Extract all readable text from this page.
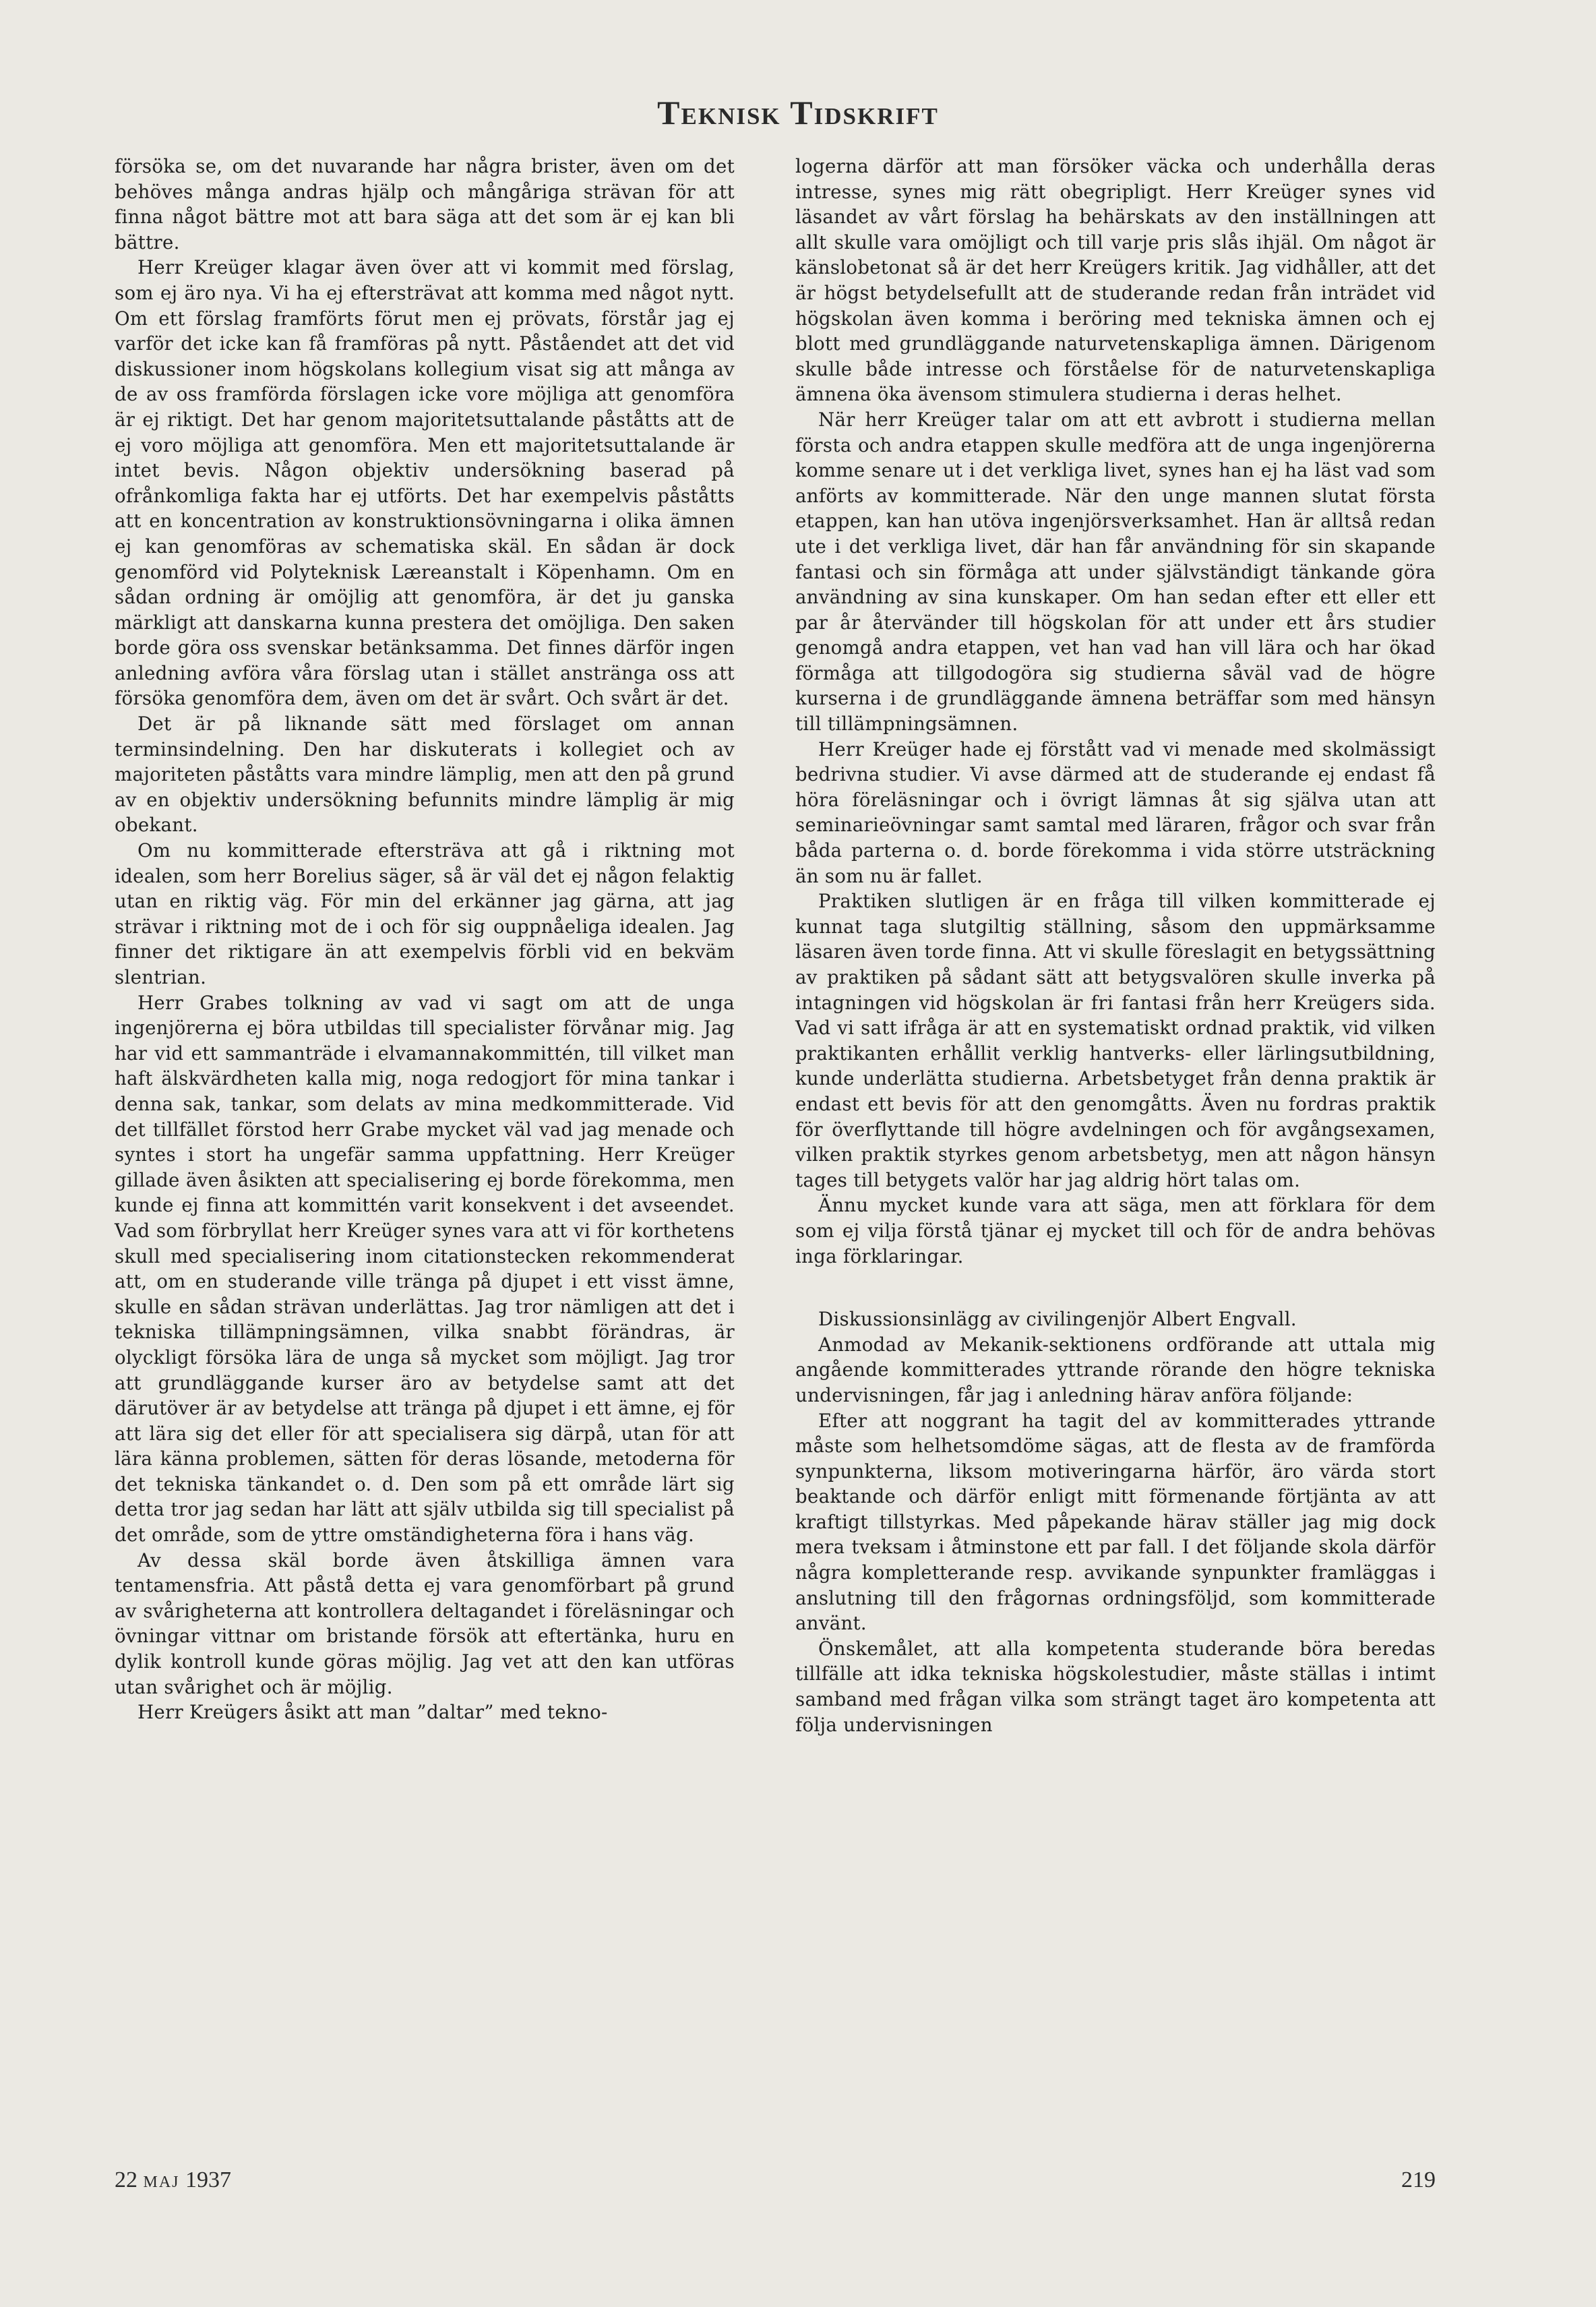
Teknisk Tidskrift

försöka se, om det nuvarande har några brister, även om det behöves många andras hjälp och mångåriga strävan för att finna något bättre mot att bara säga att det som är ej kan bli bättre.

Herr Kreüger klagar även över att vi kommit med förslag, som ej äro nya. Vi ha ej eftersträvat att komma med något nytt. Om ett förslag framförts förut men ej prövats, förstår jag ej varför det icke kan få framföras på nytt. Påståendet att det vid diskussioner inom högskolans kollegium visat sig att många av de av oss framförda förslagen icke vore möjliga att genomföra är ej riktigt. Det har genom majoritetsuttalande påståtts att de ej voro möjliga att genomföra. Men ett majoritetsuttalande är intet bevis. Någon objektiv undersökning baserad på ofrånkomliga fakta har ej utförts. Det har exempelvis påståtts att en koncentration av konstruktionsövningarna i olika ämnen ej kan genomföras av schematiska skäl. En sådan är dock genomförd vid Polyteknisk Læreanstalt i Köpenhamn. Om en sådan ordning är omöjlig att genomföra, är det ju ganska märkligt att danskarna kunna prestera det omöjliga. Den saken borde göra oss svenskar betänksamma. Det finnes därför ingen anledning avföra våra förslag utan i stället anstränga oss att försöka genomföra dem, även om det är svårt. Och svårt är det.

Det är på liknande sätt med förslaget om annan terminsindelning. Den har diskuterats i kollegiet och av majoriteten påståtts vara mindre lämplig, men att den på grund av en objektiv undersökning befunnits mindre lämplig är mig obekant.

Om nu kommitterade eftersträva att gå i riktning mot idealen, som herr Borelius säger, så är väl det ej någon felaktig utan en riktig väg. För min del erkänner jag gärna, att jag strävar i riktning mot de i och för sig ouppnåeliga idealen. Jag finner det riktigare än att exempelvis förbli vid en bekväm slentrian.

Herr Grabes tolkning av vad vi sagt om att de unga ingenjörerna ej böra utbildas till specialister förvånar mig. Jag har vid ett sammanträde i elvamannakommittén, till vilket man haft älskvärdheten kalla mig, noga redogjort för mina tankar i denna sak, tankar, som delats av mina medkommitterade. Vid det tillfället förstod herr Grabe mycket väl vad jag menade och syntes i stort ha ungefär samma uppfattning. Herr Kreüger gillade även åsikten att specialisering ej borde förekomma, men kunde ej finna att kommittén varit konsekvent i det avseendet. Vad som förbryllat herr Kreüger synes vara att vi för korthetens skull med specialisering inom citationstecken rekommenderat att, om en studerande ville tränga på djupet i ett visst ämne, skulle en sådan strävan underlättas. Jag tror nämligen att det i tekniska tillämpningsämnen, vilka snabbt förändras, är olyckligt försöka lära de unga så mycket som möjligt. Jag tror att grundläggande kurser äro av betydelse samt att det därutöver är av betydelse att tränga på djupet i ett ämne, ej för att lära sig det eller för att specialisera sig därpå, utan för att lära känna problemen, sätten för deras lösande, metoderna för det tekniska tänkandet o. d. Den som på ett område lärt sig detta tror jag sedan har lätt att själv utbilda sig till specialist på det område, som de yttre omständigheterna föra i hans väg.

Av dessa skäl borde även åtskilliga ämnen vara tentamensfria. Att påstå detta ej vara genomförbart på grund av svårigheterna att kontrollera deltagandet i föreläsningar och övningar vittnar om bristande försök att eftertänka, huru en dylik kontroll kunde göras möjlig. Jag vet att den kan utföras utan svårighet och är möjlig.

Herr Kreügers åsikt att man ”daltar” med tekno-

logerna därför att man försöker väcka och underhålla deras intresse, synes mig rätt obegripligt. Herr Kreüger synes vid läsandet av vårt förslag ha behärskats av den inställningen att allt skulle vara omöjligt och till varje pris slås ihjäl. Om något är känslobetonat så är det herr Kreügers kritik. Jag vidhåller, att det är högst betydelsefullt att de studerande redan från inträdet vid högskolan även komma i beröring med tekniska ämnen och ej blott med grundläggande naturvetenskapliga ämnen. Därigenom skulle både intresse och förståelse för de naturvetenskapliga ämnena öka ävensom stimulera studierna i deras helhet.

När herr Kreüger talar om att ett avbrott i studierna mellan första och andra etappen skulle medföra att de unga ingenjörerna komme senare ut i det verkliga livet, synes han ej ha läst vad som anförts av kommitterade. När den unge mannen slutat första etappen, kan han utöva ingenjörsverksamhet. Han är alltså redan ute i det verkliga livet, där han får användning för sin skapande fantasi och sin förmåga att under självständigt tänkande göra användning av sina kunskaper. Om han sedan efter ett eller ett par år återvänder till högskolan för att under ett års studier genomgå andra etappen, vet han vad han vill lära och har ökad förmåga att tillgodogöra sig studierna såväl vad de högre kurserna i de grundläggande ämnena beträffar som med hänsyn till tillämpningsämnen.

Herr Kreüger hade ej förstått vad vi menade med skolmässigt bedrivna studier. Vi avse därmed att de studerande ej endast få höra föreläsningar och i övrigt lämnas åt sig själva utan att seminarieövningar samt samtal med läraren, frågor och svar från båda parterna o. d. borde förekomma i vida större utsträckning än som nu är fallet.

Praktiken slutligen är en fråga till vilken kommitterade ej kunnat taga slutgiltig ställning, såsom den uppmärksamme läsaren även torde finna. Att vi skulle föreslagit en betygssättning av praktiken på sådant sätt att betygsvalören skulle inverka på intagningen vid högskolan är fri fantasi från herr Kreügers sida. Vad vi satt ifråga är att en systematiskt ordnad praktik, vid vilken praktikanten erhållit verklig hantverks- eller lärlingsutbildning, kunde underlätta studierna. Arbetsbetyget från denna praktik är endast ett bevis för att den genomgåtts. Även nu fordras praktik för överflyttande till högre avdelningen och för avgångsexamen, vilken praktik styrkes genom arbetsbetyg, men att någon hänsyn tages till betygets valör har jag aldrig hört talas om.

Ännu mycket kunde vara att säga, men att förklara för dem som ej vilja förstå tjänar ej mycket till och för de andra behövas inga förklaringar.

Diskussionsinlägg av civilingenjör Albert Engvall.

Anmodad av Mekanik-sektionens ordförande att uttala mig angående kommitterades yttrande rörande den högre tekniska undervisningen, får jag i anledning härav anföra följande:

Efter att noggrant ha tagit del av kommitterades yttrande måste som helhetsomdöme sägas, att de flesta av de framförda synpunkterna, liksom motiveringarna härför, äro värda stort beaktande och därför enligt mitt förmenande förtjänta av att kraftigt tillstyrkas. Med påpekande härav ställer jag mig dock mera tveksam i åtminstone ett par fall. I det följande skola därför några kompletterande resp. avvikande synpunkter framläggas i anslutning till den frågornas ordningsföljd, som kommitterade använt.

Önskemålet, att alla kompetenta studerande böra beredas tillfälle att idka tekniska högskolestudier, måste ställas i intimt samband med frågan vilka som strängt taget äro kompetenta att följa undervisningen

22 maj 1937	219
